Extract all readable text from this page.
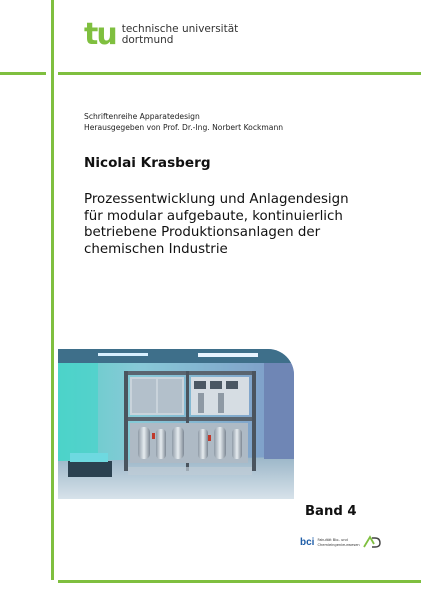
tu technische universität
dortmund
Schriftenreihe Apparatedesign
Herausgegeben von Prof. Dr.-Ing. Norbert Kockmann
Nicolai Krasberg
Prozessentwicklung und Anlagendesign
für modular aufgebaute, kontinuierlich
betriebene Produktionsanlagen der
chemischen Industrie
Band 4
bci Fakultät Bio- und
Chemieingenieurwesen
